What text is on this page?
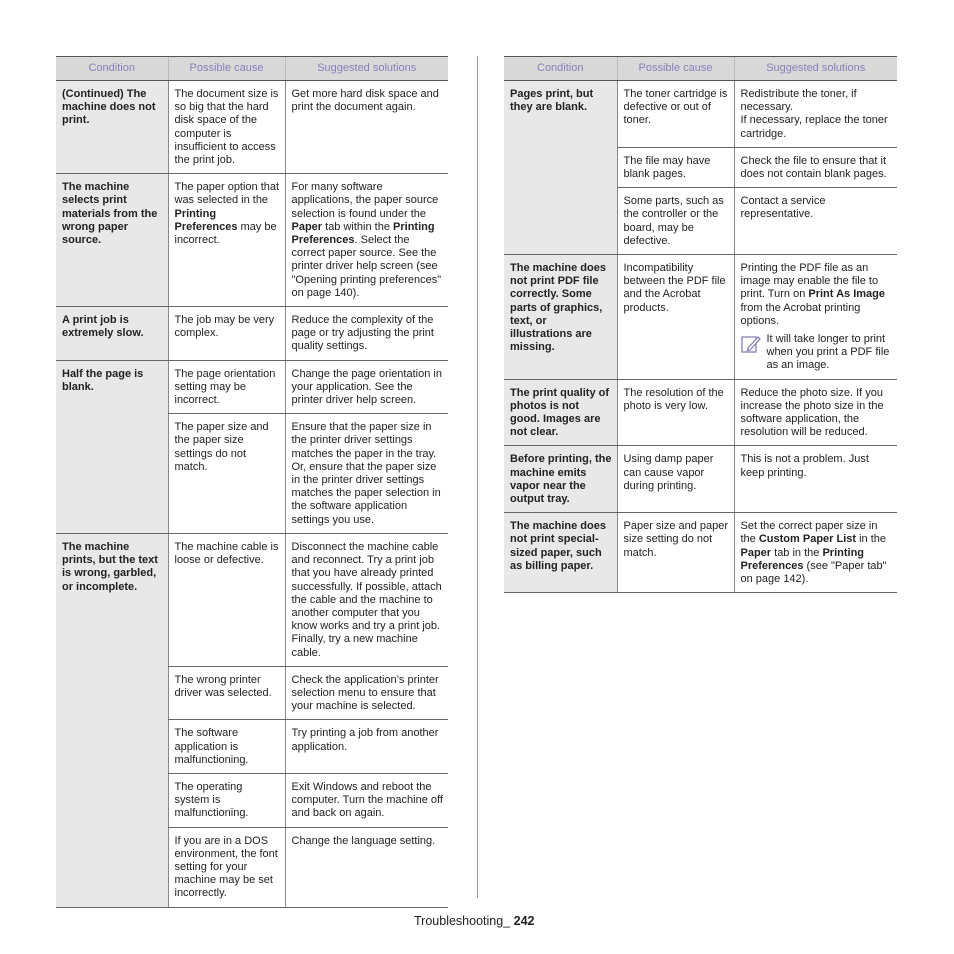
Condition	Possible cause	Suggested solutions
(Continued) The machine does not print.	The document size is so big that the hard disk space of the computer is insufficient to access the print job.	Get more hard disk space and print the document again.

The machine selects print materials from the wrong paper source.	The paper option that was selected in the Printing Preferences may be incorrect.	For many software applications, the paper source selection is found under the Paper tab within the Printing Preferences. Select the correct paper source. See the printer driver help screen (see "Opening printing preferences" on page 140).
A print job is extremely slow.	The job may be very complex.	Reduce the complexity of the page or try adjusting the print quality settings.

Half the page is blank.	The page orientation setting may be incorrect.	Change the page orientation in your application. See the printer driver help screen.

	The paper size and the paper size settings do not match.	Ensure that the paper size in the printer driver settings matches the paper in the tray.
Or, ensure that the paper size in the printer driver settings matches the paper selection in the software application settings you use.

The machine prints, but the text is wrong, garbled, or incomplete.	The machine cable is loose or defective.	Disconnect the machine cable and reconnect. Try a print job that you have already printed successfully. If possible, attach the cable and the machine to another computer that you know works and try a print job. Finally, try a new machine cable.

	The wrong printer driver was selected.	Check the application’s printer selection menu to ensure that your machine is selected.

	The software application is malfunctioning.	Try printing a job from another application.

	The operating system is malfunctioning.	Exit Windows and reboot the computer. Turn the machine off and back on again.

	If you are in a DOS environment, the font setting for your machine may be set incorrectly.	Change the language setting.
Condition	Possible cause	Suggested solutions
Pages print, but they are blank.	The toner cartridge is defective or out of toner.	Redistribute the toner, if necessary.
If necessary, replace the toner cartridge.

	The file may have blank pages.	Check the file to ensure that it does not contain blank pages.

	Some parts, such as the controller or the board, may be defective.	Contact a service representative.

The machine does not print PDF file correctly. Some parts of graphics, text, or illustrations are missing.	Incompatibility between the PDF file and the Acrobat products.	Printing the PDF file as an image may enable the file to print. Turn on Print As Image from the Acrobat printing options.
It will take longer to print when you print a PDF file as an image.

The print quality of photos is not good. Images are not clear.	The resolution of the photo is very low.	Reduce the photo size. If you increase the photo size in the software application, the resolution will be reduced.

Before printing, the machine emits vapor near the output tray.	Using damp paper can cause vapor during printing.	This is not a problem. Just keep printing.

The machine does not print special- sized paper, such as billing paper.	Paper size and paper size setting do not match.	Set the correct paper size in the Custom Paper List in the Paper tab in the Printing Preferences (see "Paper tab" on page 142).
Troubleshooting_ 242
